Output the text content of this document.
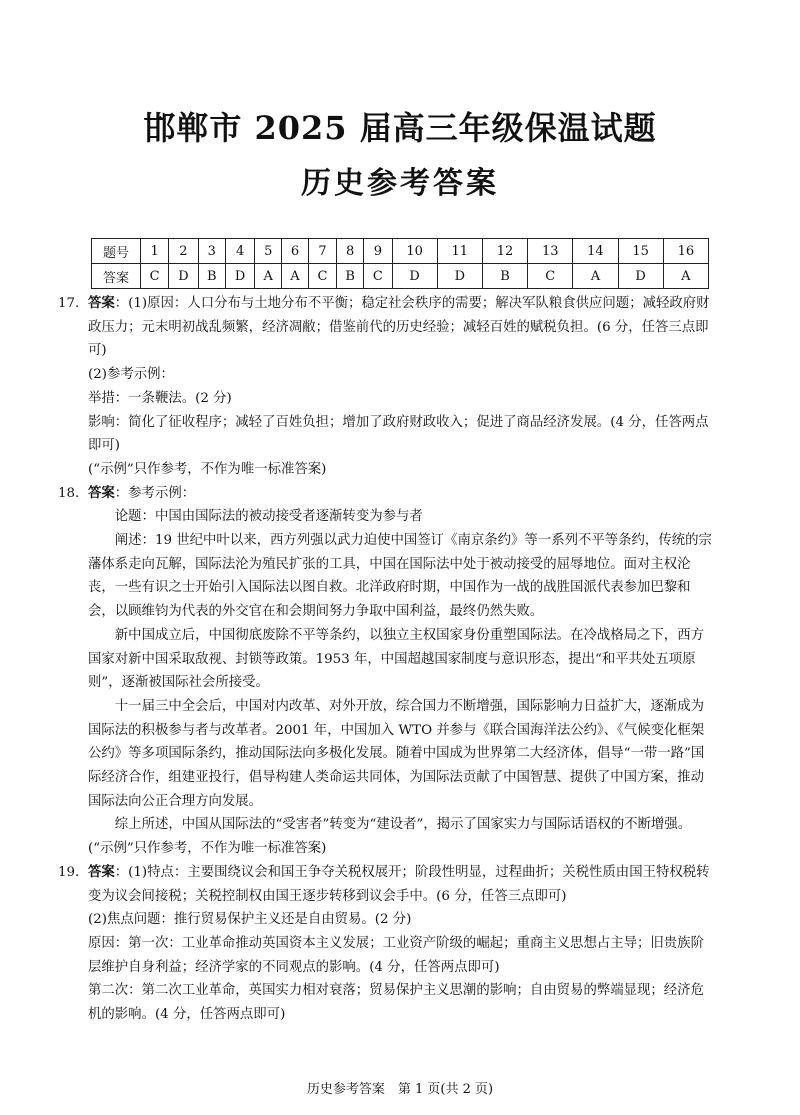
邯郸市 2025 届高三年级保温试题
历史参考答案
题号	1	2	3	4	5	6	7	8	9	10	11	12	13	14	15	16
答案	C	D	B	D	A	A	C	B	C	D	D	B	C	A	D	A
17. 答案：(1)原因：人口分布与土地分布不平衡；稳定社会秩序的需要；解决军队粮食供应问题；减轻政府财政压力；元末明初战乱频繁，经济凋敝；借鉴前代的历史经验；减轻百姓的赋税负担。(6 分，任答三点即可)

(2)参考示例：

举措：一条鞭法。(2 分)

影响：简化了征收程序；减轻了百姓负担；增加了政府财政收入；促进了商品经济发展。(4 分，任答两点即可)

(“示例”只作参考，不作为唯一标准答案)

18. 答案：参考示例：

论题：中国由国际法的被动接受者逐渐转变为参与者

阐述：19 世纪中叶以来，西方列强以武力迫使中国签订《南京条约》等一系列不平等条约，传统的宗藩体系走向瓦解，国际法沦为殖民扩张的工具，中国在国际法中处于被动接受的屈辱地位。面对主权沦丧，一些有识之士开始引入国际法以图自救。北洋政府时期，中国作为一战的战胜国派代表参加巴黎和会，以顾维钧为代表的外交官在和会期间努力争取中国利益，最终仍然失败。

新中国成立后，中国彻底废除不平等条约，以独立主权国家身份重塑国际法。在冷战格局之下，西方国家对新中国采取敌视、封锁等政策。1953 年，中国超越国家制度与意识形态，提出“和平共处五项原则”，逐渐被国际社会所接受。

十一届三中全会后，中国对内改革、对外开放，综合国力不断增强，国际影响力日益扩大，逐渐成为国际法的积极参与者与改革者。2001 年，中国加入 WTO 并参与《联合国海洋法公约》、《气候变化框架公约》等多项国际条约，推动国际法向多极化发展。随着中国成为世界第二大经济体，倡导“一带一路”国际经济合作，组建亚投行，倡导构建人类命运共同体，为国际法贡献了中国智慧、提供了中国方案，推动国际法向公正合理方向发展。

综上所述，中国从国际法的“受害者”转变为“建设者”，揭示了国家实力与国际话语权的不断增强。

(“示例”只作参考，不作为唯一标准答案)

19. 答案：(1)特点：主要围绕议会和国王争夺关税权展开；阶段性明显，过程曲折；关税性质由国王特权税转变为议会间接税；关税控制权由国王逐步转移到议会手中。(6 分，任答三点即可)

(2)焦点问题：推行贸易保护主义还是自由贸易。(2 分)

原因：第一次：工业革命推动英国资本主义发展；工业资产阶级的崛起；重商主义思想占主导；旧贵族阶层维护自身利益；经济学家的不同观点的影响。(4 分，任答两点即可)

第二次：第二次工业革命，英国实力相对衰落；贸易保护主义思潮的影响；自由贸易的弊端显现；经济危机的影响。(4 分，任答两点即可)

历史参考答案　第 1 页(共 2 页)
